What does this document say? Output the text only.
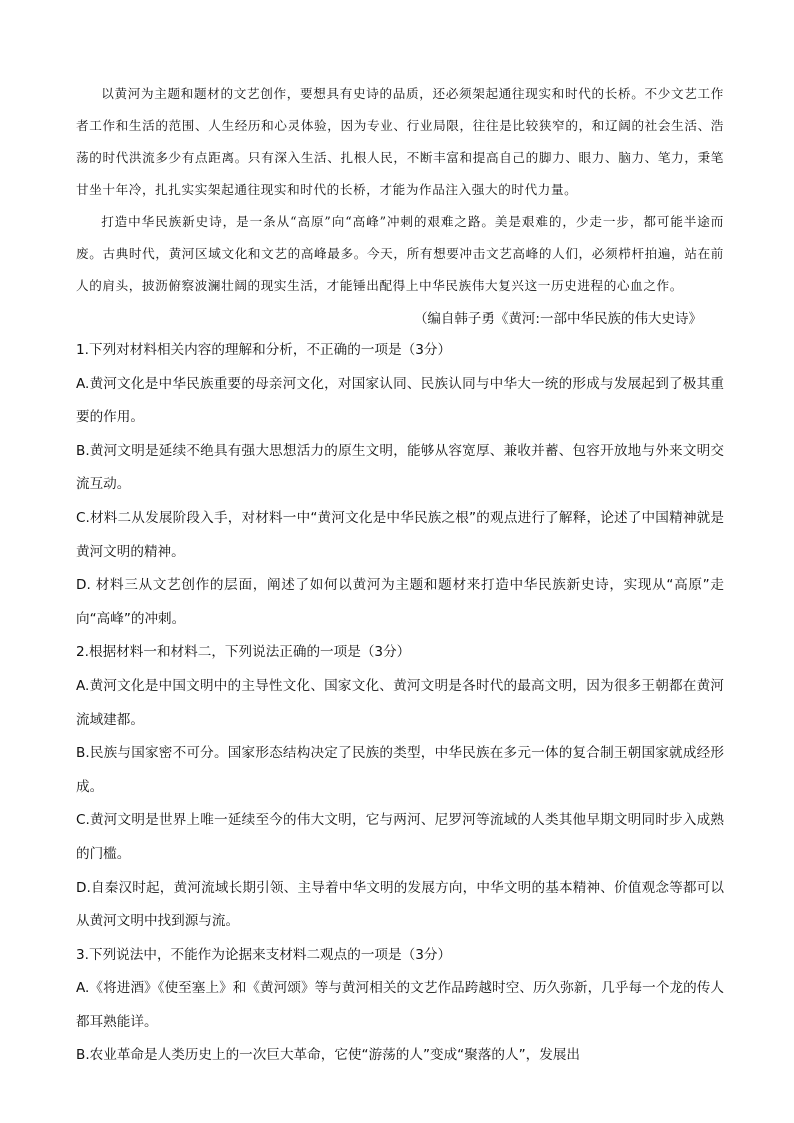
以黄河为主题和题材的文艺创作，要想具有史诗的品质，还必须架起通往现实和时代的长桥。不少文艺工作者工作和生活的范围、人生经历和心灵体验，因为专业、行业局限，往往是比较狭窄的，和辽阔的社会生活、浩荡的时代洪流多少有点距离。只有深入生活、扎根人民，不断丰富和提高自己的脚力、眼力、脑力、笔力，秉笔甘坐十年冷，扎扎实实架起通往现实和时代的长桥，才能为作品注入强大的时代力量。

打造中华民族新史诗，是一条从“高原”向“高峰”冲刺的艰难之路。美是艰难的，少走一步，都可能半途而废。古典时代，黄河区域文化和文艺的高峰最多。今天，所有想要冲击文艺高峰的人们，必须栉杆拍遍，站在前人的肩头，披沥俯察波澜壮阔的现实生活，才能锤出配得上中华民族伟大复兴这一历史进程的心血之作。

（编自韩子勇《黄河:一部中华民族的伟大史诗》

1.下列对材料相关内容的理解和分析，不正确的一项是（3分）

A.黄河文化是中华民族重要的母亲河文化，对国家认同、民族认同与中华大一统的形成与发展起到了极其重要的作用。

B.黄河文明是延续不绝具有强大思想活力的原生文明，能够从容宽厚、兼收并蓄、包容开放地与外来文明交流互动。

C.材料二从发展阶段入手，对材料一中“黄河文化是中华民族之根”的观点进行了解释，论述了中国精神就是黄河文明的精神。

D. 材料三从文艺创作的层面，阐述了如何以黄河为主题和题材来打造中华民族新史诗，实现从“高原”走向“高峰”的冲刺。

2.根据材料一和材料二，下列说法正确的一项是（3分）

A.黄河文化是中国文明中的主导性文化、国家文化、黄河文明是各时代的最高文明，因为很多王朝都在黄河流域建都。

B.民族与国家密不可分。国家形态结构决定了民族的类型，中华民族在多元一体的复合制王朝国家就成经形成。

C.黄河文明是世界上唯一延续至今的伟大文明，它与两河、尼罗河等流域的人类其他早期文明同时步入成熟的门槛。

D.自秦汉时起，黄河流域长期引领、主导着中华文明的发展方向，中华文明的基本精神、价值观念等都可以从黄河文明中找到源与流。

3.下列说法中，不能作为论据来支材料二观点的一项是（3分）

A.《将进酒》《使至塞上》和《黄河颂》等与黄河相关的文艺作品跨越时空、历久弥新，几乎每一个龙的传人都耳熟能详。

B.农业革命是人类历史上的一次巨大革命，它使“游荡的人”变成“聚落的人”，发展出
